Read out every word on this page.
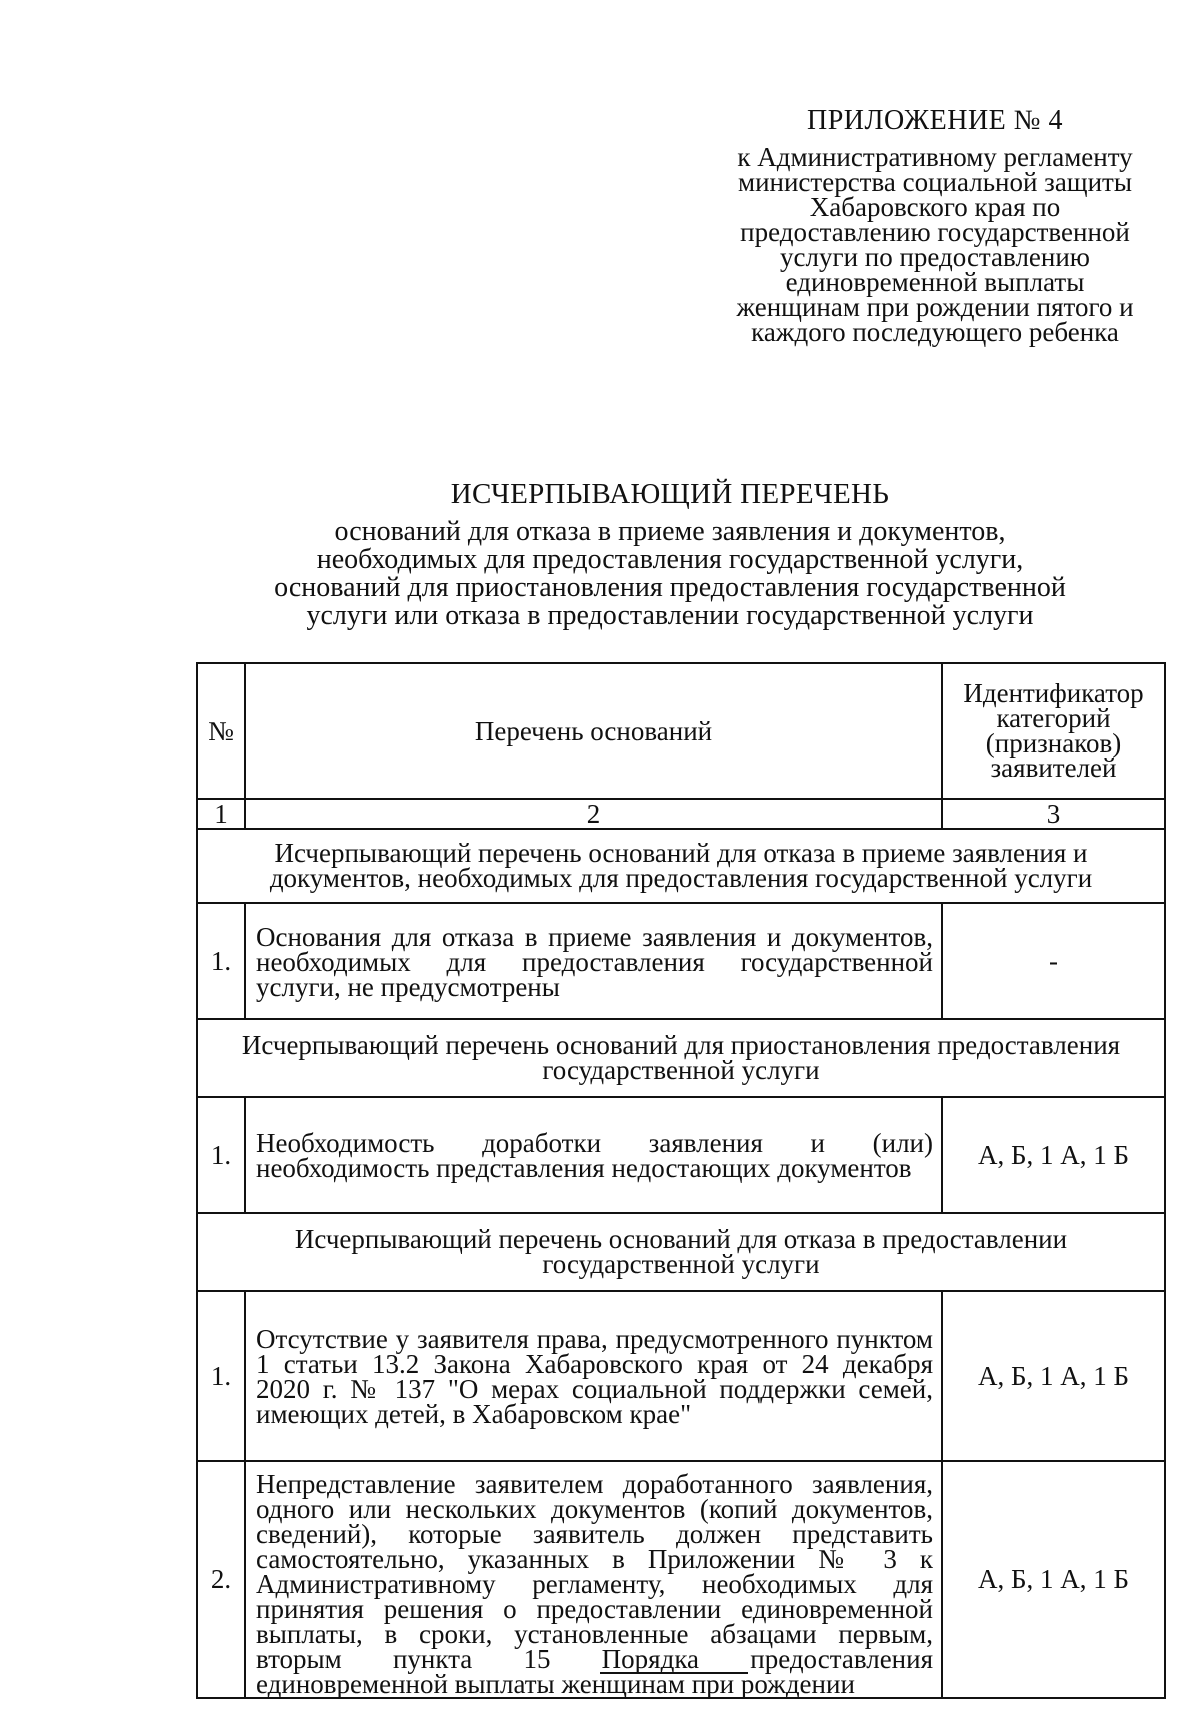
ПРИЛОЖЕНИЕ № 4
к Административному регламенту
министерства социальной защиты
Хабаровского края по
предоставлению государственной
услуги по предоставлению
единовременной выплаты
женщинам при рождении пятого и
каждого последующего ребенка
ИСЧЕРПЫВАЮЩИЙ ПЕРЕЧЕНЬ
оснований для отказа в приеме заявления и документов,
необходимых для предоставления государственной услуги,
оснований для приостановления предоставления государственной
услуги или отказа в предоставлении государственной услуги
№	Перечень оснований	Идентификатор категорий (признаков) заявителей
1	2	3
Исчерпывающий перечень оснований для отказа в приеме заявления и документов, необходимых для предоставления государственной услуги		
1.	Основания для отказа в приеме заявления и документов, необходимых для предоставления государственной услуги, не предусмотрены	-
Исчерпывающий перечень оснований для приостановления предоставления государственной услуги		
1.	Необходимость доработки заявления и (или) необходимость представления недостающих документов	А, Б, 1 А, 1 Б
Исчерпывающий перечень оснований для отказа в предоставлении государственной услуги		
1.	Отсутствие у заявителя права, предусмотренного пунктом 1 статьи 13.2 Закона Хабаровского края от 24 декабря 2020 г. № 137 "О мерах социальной поддержки семей, имеющих детей, в Хабаровском крае"	А, Б, 1 А, 1 Б
2.	Непредставление заявителем доработанного заявления, одного или нескольких документов (копий документов, сведений), которые заявитель должен представить самостоятельно, указанных в Приложении № 3 к Административному регламенту, необходимых для принятия решения о предоставлении единовременной выплаты, в сроки, установленные абзацами первым, вторым пункта 15 Порядка предоставления единовременной выплаты женщинам при рождении	А, Б, 1 А, 1 Б
